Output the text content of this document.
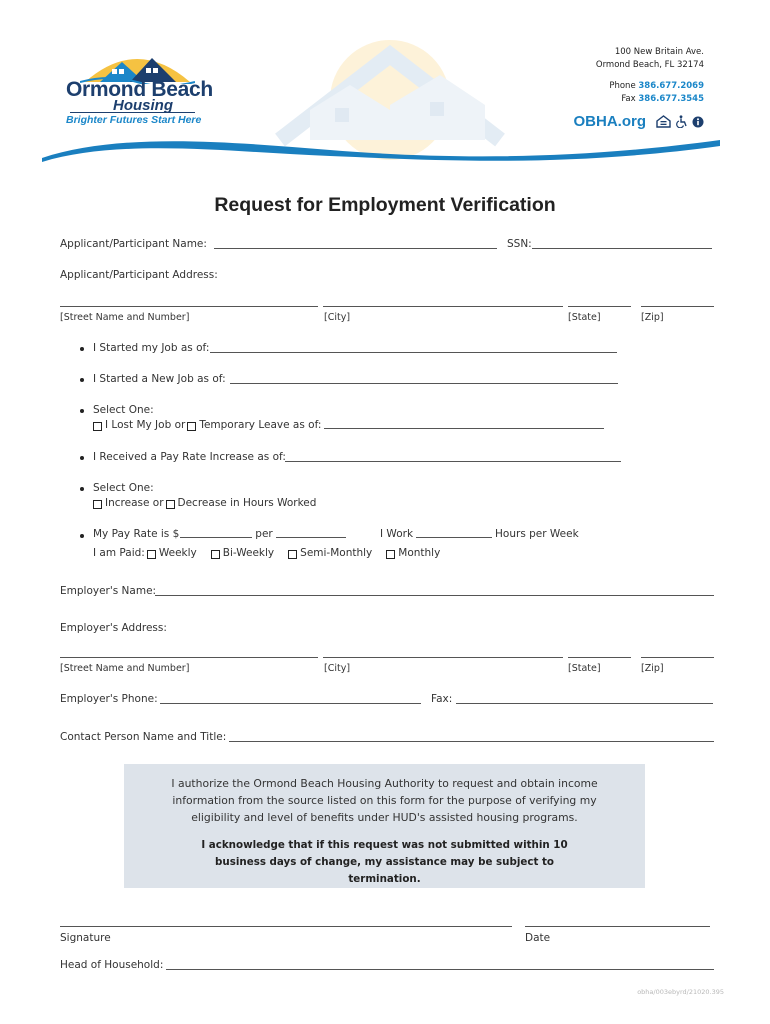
Ormond Beach
Housing
Brighter Futures Start Here
100 New Britain Ave.
Ormond Beach, FL 32174
Phone 386.677.2069
Fax 386.677.3545
OBHA.org
Request for Employment Verification
Applicant/Participant Name:	SSN:
Applicant/Participant Address:
[Street Name and Number]	[City]	[State]	[Zip]
I Started my Job as of:
I Started a New Job as of:
Select One:
I Lost My Job or Temporary Leave as of:
I Received a Pay Rate Increase as of:
Select One:
Increase or Decrease in Hours Worked
My Pay Rate is $	per	I Work	Hours per Week
I am Paid: Weekly Bi-Weekly Semi-Monthly Monthly
Employer's Name:
Employer's Address:
[Street Name and Number]	[City]	[State]	[Zip]
Employer's Phone:	Fax:
Contact Person Name and Title:
I authorize the Ormond Beach Housing Authority to request and obtain income information from the source listed on this form for the purpose of verifying my eligibility and level of benefits under HUD's assisted housing programs.
I acknowledge that if this request was not submitted within 10 business days of change, my assistance may be subject to termination.
Signature	Date
Head of Household:
obha/003ebyrd/21020.395
